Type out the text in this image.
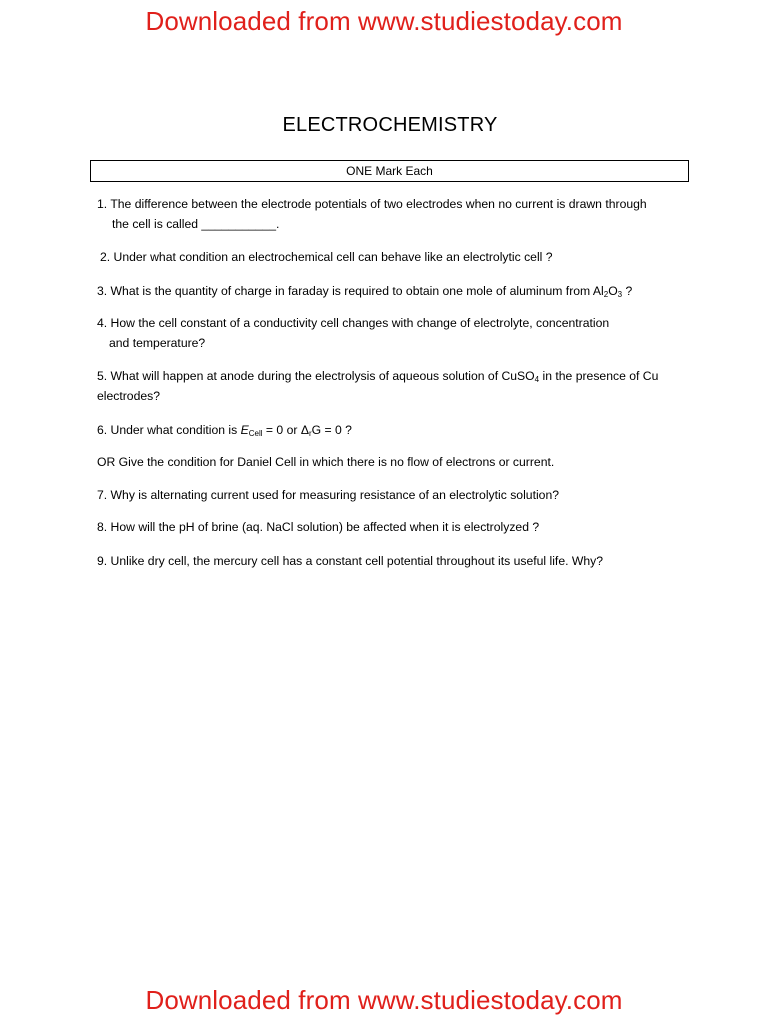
Downloaded from www.studiestoday.com
ELECTROCHEMISTRY
ONE Mark Each
1. The difference between the electrode potentials of two electrodes when no current is drawn through
the cell is called ___________.
2. Under what condition an electrochemical cell can behave like an electrolytic cell ?
3. What is the quantity of charge in faraday is required to obtain one mole of aluminum from $Al_2O_3$ ?
4. How the cell constant of a conductivity cell changes with change of electrolyte, concentration
and temperature?
5. What will happen at anode during the electrolysis of aqueous solution of CuSO$_4$ in the presence of Cu
electrodes?
6. Under what condition is $E_{Cell} = 0$ or $\Delta_rG = 0$ ?
OR Give the condition for Daniel Cell in which there is no flow of electrons or current.
7. Why is alternating current used for measuring resistance of an electrolytic solution?
8. How will the pH of brine (aq. NaCl solution) be affected when it is electrolyzed ?
9. Unlike dry cell, the mercury cell has a constant cell potential throughout its useful life. Why?
Downloaded from www.studiestoday.com
